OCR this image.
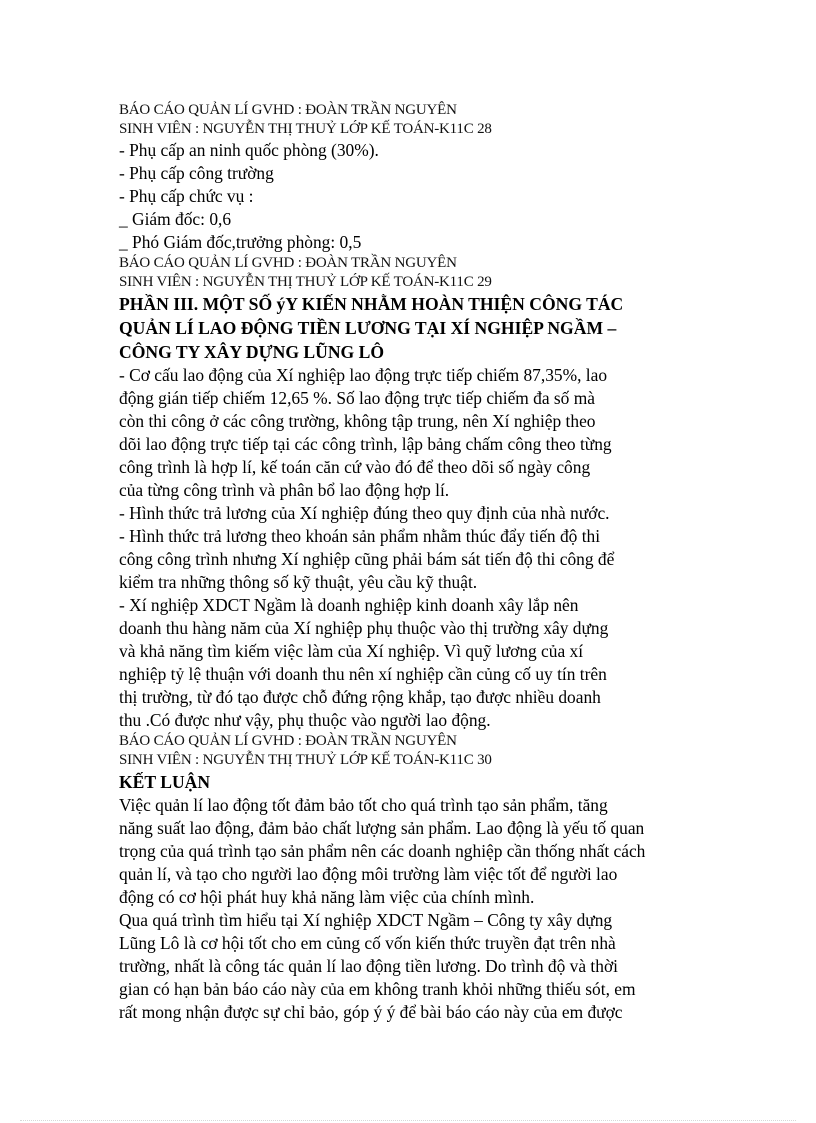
BÁO CÁO QUẢN LÍ GVHD : ĐOÀN TRẦN NGUYÊN
SINH VIÊN : NGUYỄN THỊ THUỶ LỚP KẾ TOÁN-K11C 28

- Phụ cấp an ninh quốc phòng (30%).

- Phụ cấp công trường

- Phụ cấp chức vụ :

_ Giám đốc: 0,6

_ Phó Giám đốc,trưởng phòng: 0,5

BÁO CÁO QUẢN LÍ GVHD : ĐOÀN TRẦN NGUYÊN
SINH VIÊN : NGUYỄN THỊ THUỶ LỚP KẾ TOÁN-K11C 29

PHẦN III. MỘT SỐ ýY KIẾN NHẰM HOÀN THIỆN CÔNG TÁC

QUẢN LÍ LAO ĐỘNG TIỀN LƯƠNG TẠI XÍ NGHIỆP NGẦM –

CÔNG TY XÂY DỰNG LŨNG LÔ

- Cơ cấu lao động của Xí nghiệp lao động trực tiếp chiếm 87,35%, lao

động gián tiếp chiếm 12,65 %. Số lao động trực tiếp chiếm đa số mà

còn thi công ở các công trường, không tập trung, nên Xí nghiệp theo

dõi lao động trực tiếp tại các công trình, lập bảng chấm công theo từng

công trình là hợp lí, kế toán căn cứ vào đó để theo dõi số ngày công

của từng công trình và phân bổ lao động hợp lí.

- Hình thức trả lương của Xí nghiệp đúng theo quy định của nhà nước.

- Hình thức trả lương theo khoán sản phẩm nhằm thúc đẩy tiến độ thi

công công trình nhưng Xí nghiệp cũng phải bám sát tiến độ thi công để

kiểm tra những thông số kỹ thuật, yêu cầu kỹ thuật.

- Xí nghiệp XDCT Ngầm là doanh nghiệp kinh doanh xây lắp nên

doanh thu hàng năm của Xí nghiệp phụ thuộc vào thị trường xây dựng

và khả năng tìm kiếm việc làm của Xí nghiệp. Vì quỹ lương của xí

nghiệp tỷ lệ thuận với doanh thu nên xí nghiệp cần củng cố uy tín trên

thị trường, từ đó tạo được chỗ đứng rộng khắp, tạo được nhiều doanh

thu .Có được như vậy, phụ thuộc vào người lao động.

BÁO CÁO QUẢN LÍ GVHD : ĐOÀN TRẦN NGUYÊN
SINH VIÊN : NGUYỄN THỊ THUỶ LỚP KẾ TOÁN-K11C 30

KẾT LUẬN

Việc quản lí lao động tốt đảm bảo tốt cho quá trình tạo sản phẩm, tăng

năng suất lao động, đảm bảo chất lượng sản phẩm. Lao động là yếu tố quan

trọng của quá trình tạo sản phẩm nên các doanh nghiệp cần thống nhất cách

quản lí, và tạo cho người lao động môi trường làm việc tốt để người lao

động có cơ hội phát huy khả năng làm việc của chính mình.

Qua quá trình tìm hiểu tại Xí nghiệp XDCT Ngầm – Công ty xây dựng

Lũng Lô là cơ hội tốt cho em củng cố vốn kiến thức truyền đạt trên nhà

trường, nhất là công tác quản lí lao động tiền lương. Do trình độ và thời

gian có hạn bản báo cáo này của em không tranh khỏi những thiếu sót, em

rất mong nhận được sự chỉ bảo, góp ý ý để bài báo cáo này của em được
